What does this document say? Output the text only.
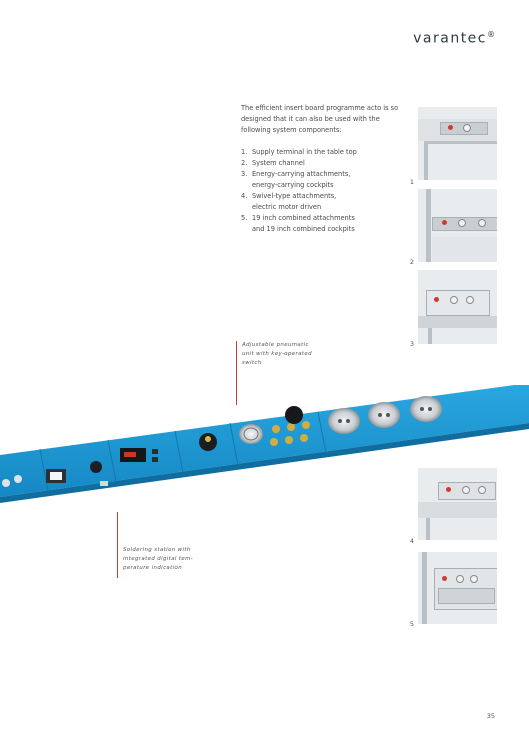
varantec®

The efficient insert board programme acto is so designed that it can also be used with the following system components:

1. Supply terminal in the table top
2. System channel
3. Energy-carrying attachments,
energy-carrying cockpits
4. Swivel-type attachments,
electric motor driven
5. 19 inch combined attachments
and 19 inch combined cockpits
1
2
3
4
5
Adjustable pneumatic
unit with key-operated
switch
Soldering station with
integrated digital tem-
perature indication
35
